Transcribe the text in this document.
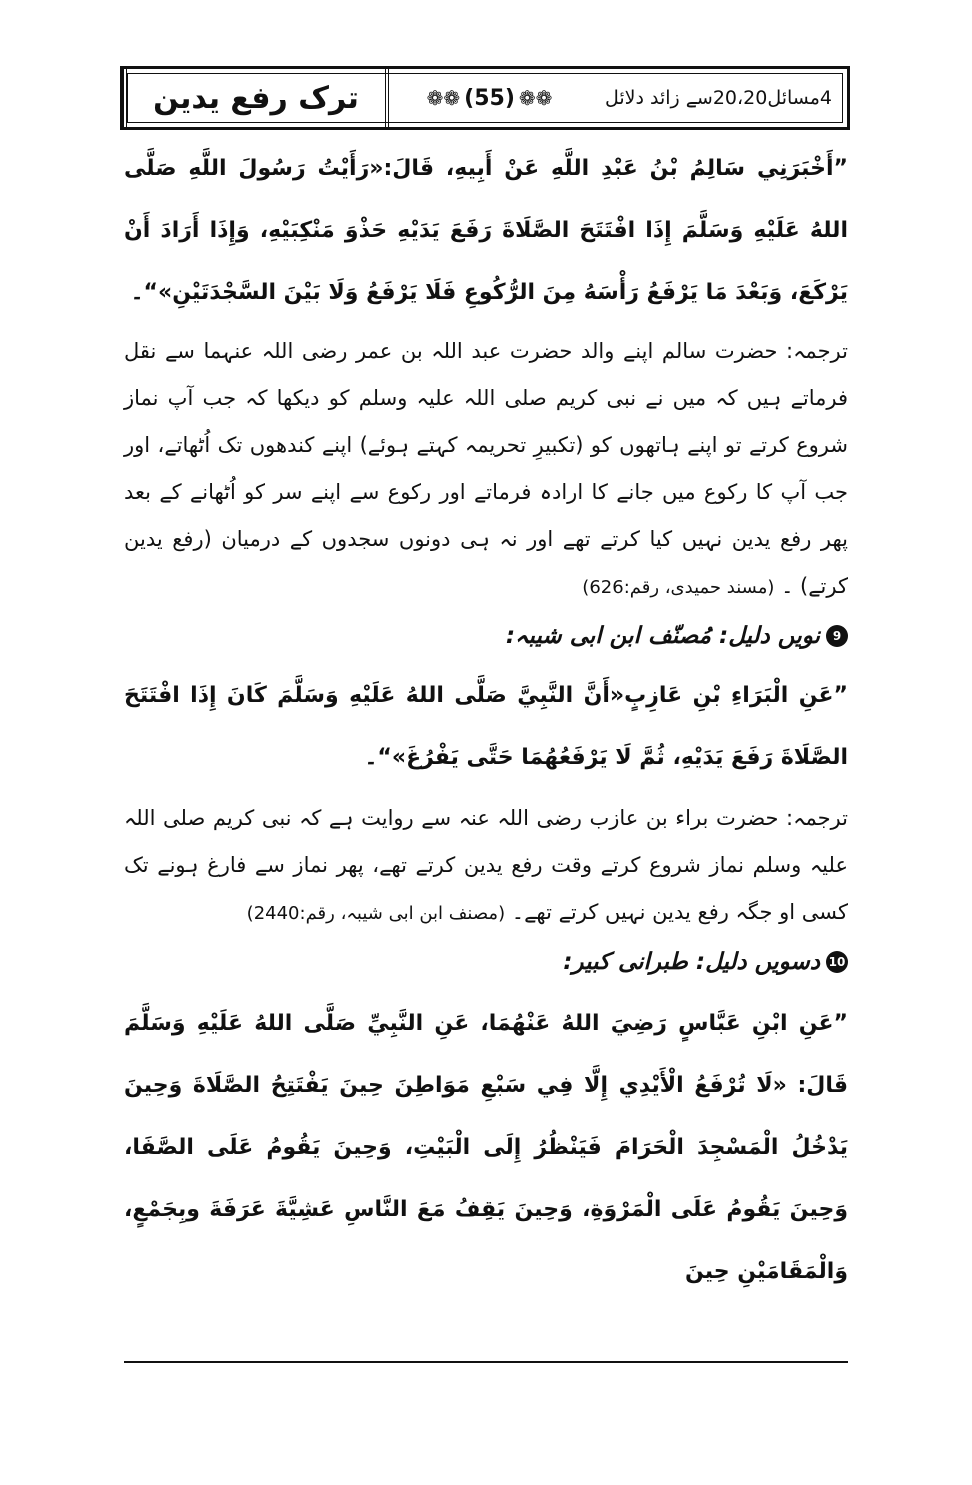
ترک رفع یدین	❁❁
(
55
)
❁❁	4مسائل20،20سے زائد دلائل

”أَخْبَرَنِي سَالِمُ بْنُ عَبْدِ اللَّهِ عَنْ أَبِيهِ، قَالَ:«رَأَيْتُ رَسُولَ اللَّهِ صَلَّى اللهُ عَلَيْهِ وَسَلَّمَ إِذَا افْتَتَحَ الصَّلَاةَ رَفَعَ يَدَيْهِ حَذْوَ مَنْكِبَيْهِ، وَإِذَا أَرَادَ أَنْ يَرْكَعَ، وَبَعْدَ مَا يَرْفَعُ رَأْسَهُ مِنَ الرُّكُوعِ فَلَا يَرْفَعُ وَلَا بَيْنَ السَّجْدَتَيْنِ»“۔

ترجمہ: حضرت سالم اپنے والد حضرت عبد اللہ بن عمر رضی اللہ عنہما سے نقل فرماتے ہیں کہ میں نے نبی کریم صلی اللہ علیہ وسلم کو دیکھا کہ جب آپ نماز شروع کرتے تو اپنے ہاتھوں کو (تکبیرِ تحریمہ کہتے ہوئے) اپنے کندھوں تک اُٹھاتے، اور جب آپ کا رکوع میں جانے کا ارادہ فرماتے اور رکوع سے اپنے سر کو اُٹھانے کے بعد پھر رفع یدین نہیں کیا کرتے تھے اور نہ ہی دونوں سجدوں کے درمیان (رفع یدین کرتے) ۔ (مسند حمیدی، رقم:626)

9
نویں دلیل: مُصنّف ابن ابی شیبہ:

”عَنِ الْبَرَاءِ بْنِ عَازِبٍ«أَنَّ النَّبِيَّ صَلَّى اللهُ عَلَيْهِ وَسَلَّمَ كَانَ إِذَا افْتَتَحَ الصَّلَاةَ رَفَعَ يَدَيْهِ، ثُمَّ لَا يَرْفَعُهُمَا حَتَّى يَفْرُغَ»“۔

ترجمہ: حضرت براء بن عازب رضی اللہ عنہ سے روایت ہے کہ نبی کریم صلی اللہ علیہ وسلم نماز شروع کرتے وقت رفع یدین کرتے تھے، پھر نماز سے فارغ ہونے تک کسی او جگہ رفع یدین نہیں کرتے تھے۔ (مصنف ابن ابی شیبہ، رقم:2440)

10
دسویں دلیل: طبرانی کبیر:

”عَنِ ابْنِ عَبَّاسٍ رَضِيَ اللهُ عَنْهُمَا، عَنِ النَّبِيِّ صَلَّى اللهُ عَلَيْهِ وَسَلَّمَ قَالَ: «لَا تُرْفَعُ الْأَيْدِي إِلَّا فِي سَبْعِ مَوَاطِنَ حِينَ يَفْتَتِحُ الصَّلَاةَ وَحِينَ يَدْخُلُ الْمَسْجِدَ الْحَرَامَ فَيَنْظُرُ إِلَى الْبَيْتِ، وَحِينَ يَقُومُ عَلَى الصَّفَا، وَحِينَ يَقُومُ عَلَى الْمَرْوَةِ، وَحِينَ يَقِفُ مَعَ النَّاسِ عَشِيَّةَ عَرَفَةَ وبِجَمْعٍ، وَالْمَقَامَيْنِ حِينَ
